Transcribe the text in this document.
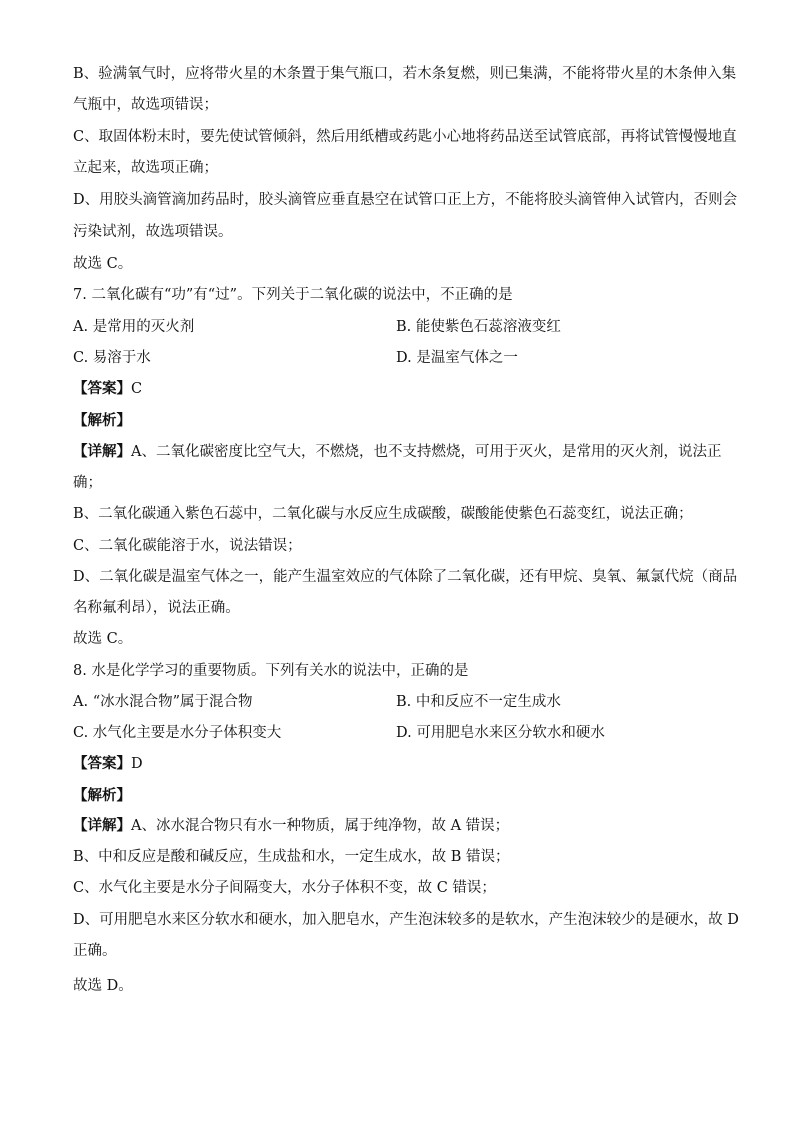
B、验满氧气时，应将带火星的木条置于集气瓶口，若木条复燃，则已集满，不能将带火星的木条伸入集
气瓶中，故选项错误；
C、取固体粉末时，要先使试管倾斜，然后用纸槽或药匙小心地将药品送至试管底部，再将试管慢慢地直
立起来，故选项正确；
D、用胶头滴管滴加药品时，胶头滴管应垂直悬空在试管口正上方，不能将胶头滴管伸入试管内，否则会
污染试剂，故选项错误。
故选 C。
7. 二氧化碳有“功”有“过”。下列关于二氧化碳的说法中，不正确的是
A. 是常用的灭火剂	B. 能使紫色石蕊溶液变红
C. 易溶于水	D. 是温室气体之一
【答案】C
【解析】
【详解】A、二氧化碳密度比空气大，不燃烧，也不支持燃烧，可用于灭火，是常用的灭火剂，说法正
确；
B、二氧化碳通入紫色石蕊中，二氧化碳与水反应生成碳酸，碳酸能使紫色石蕊变红，说法正确；
C、二氧化碳能溶于水，说法错误；
D、二氧化碳是温室气体之一，能产生温室效应的气体除了二氧化碳，还有甲烷、臭氧、氟氯代烷（商品
名称氟利昂），说法正确。
故选 C。
8. 水是化学学习的重要物质。下列有关水的说法中，正确的是
A. “冰水混合物”属于混合物	B. 中和反应不一定生成水
C. 水气化主要是水分子体积变大	D. 可用肥皂水来区分软水和硬水
【答案】D
【解析】
【详解】A、冰水混合物只有水一种物质，属于纯净物，故 A 错误；
B、中和反应是酸和碱反应，生成盐和水，一定生成水，故 B 错误；
C、水气化主要是水分子间隔变大，水分子体积不变，故 C 错误；
D、可用肥皂水来区分软水和硬水，加入肥皂水，产生泡沫较多的是软水，产生泡沫较少的是硬水，故 D
正确。
故选 D。
